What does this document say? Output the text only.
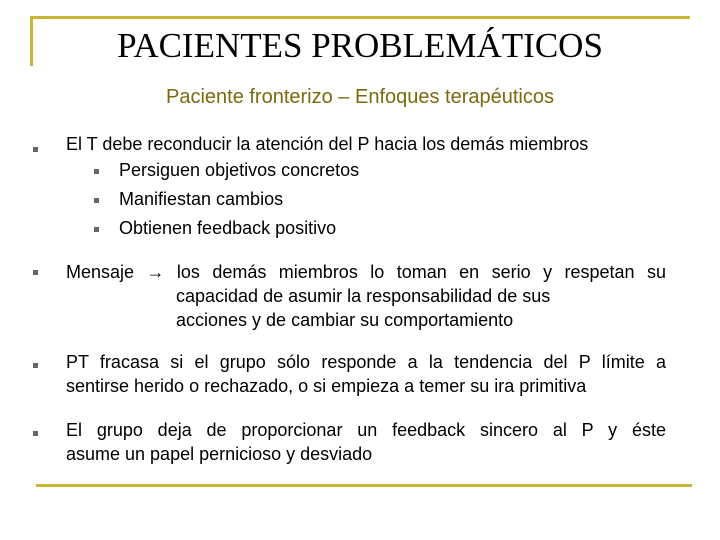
PACIENTES PROBLEMÁTICOS
Paciente fronterizo – Enfoques terapéuticos
El T debe reconducir la atención del P hacia los demás miembros
Persiguen objetivos concretos
Manifiestan cambios
Obtienen feedback positivo
Mensaje → los demás miembros lo toman en serio y respetan su
capacidad de asumir la responsabilidad de sus
acciones y de cambiar su comportamiento
PT fracasa si el grupo sólo responde a la tendencia del P límite a
sentirse herido o rechazado, o si empieza a temer su ira primitiva
El grupo deja de proporcionar un feedback sincero al P y éste
asume un papel pernicioso y desviado
